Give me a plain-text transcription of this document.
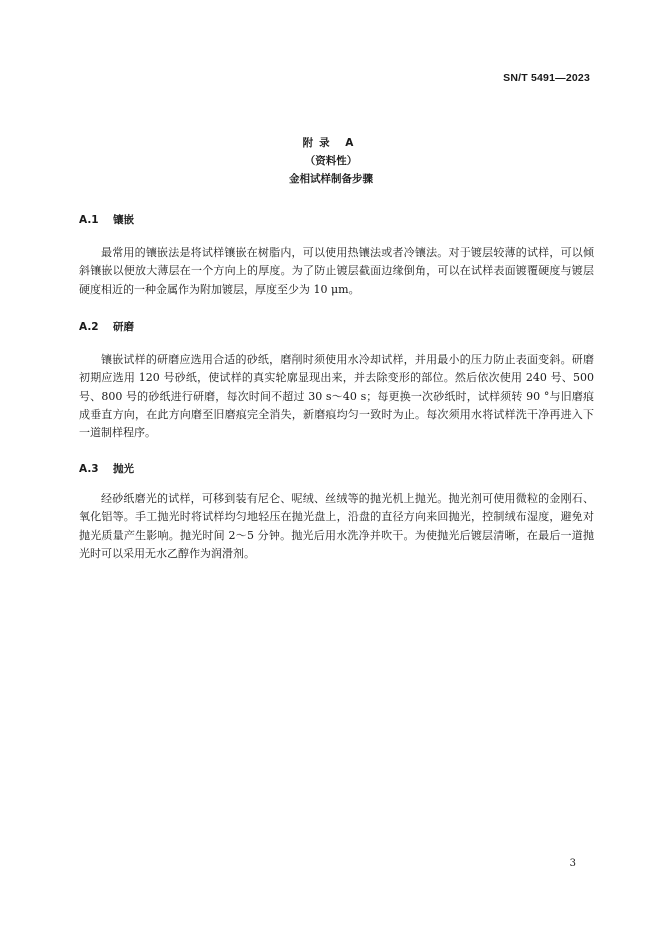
SN/T 5491—2023
附录 A
（资料性）
金相试样制备步骤
A.1 镶嵌

最常用的镶嵌法是将试样镶嵌在树脂内，可以使用热镶法或者冷镶法。对于镀层较薄的试样，可以倾斜镶嵌以便放大薄层在一个方向上的厚度。为了防止镀层截面边缘倒角，可以在试样表面镀覆硬度与镀层硬度相近的一种金属作为附加镀层，厚度至少为 10 μm。

A.2 研磨

镶嵌试样的研磨应选用合适的砂纸，磨削时须使用水冷却试样，并用最小的压力防止表面变斜。研磨初期应选用 120 号砂纸，使试样的真实轮廓显现出来，并去除变形的部位。然后依次使用 240 号、500 号、800 号的砂纸进行研磨，每次时间不超过 30 s～40 s；每更换一次砂纸时，试样须转 90 °与旧磨痕成垂直方向，在此方向磨至旧磨痕完全消失，新磨痕均匀一致时为止。每次须用水将试样洗干净再进入下一道制样程序。

A.3 抛光

经砂纸磨光的试样，可移到装有尼仑、呢绒、丝绒等的抛光机上抛光。抛光剂可使用微粒的金刚石、氧化铝等。手工抛光时将试样均匀地轻压在抛光盘上，沿盘的直径方向来回抛光，控制绒布湿度，避免对抛光质量产生影响。抛光时间 2～5 分钟。抛光后用水洗净并吹干。为使抛光后镀层清晰，在最后一道抛光时可以采用无水乙醇作为润滑剂。

3
